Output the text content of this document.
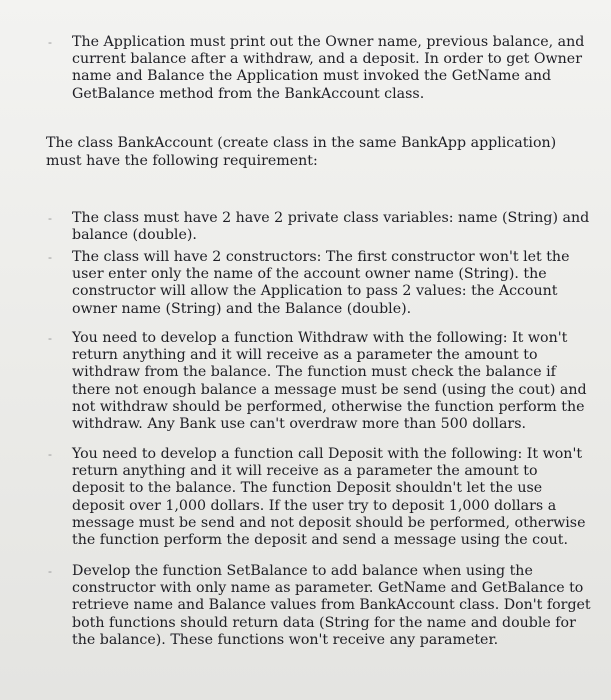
- The Application must print out the Owner name, previous balance, and current balance after a withdraw, and a deposit. In order to get Owner name and Balance the Application must invoked the GetName and GetBalance method from the BankAccount class.

The class BankAccount (create class in the same BankApp application) must have the following requirement:

- The class must have 2 have 2 private class variables: name (String) and balance (double).
- The class will have 2 constructors: The first constructor won't let the user enter only the name of the account owner name (String). the constructor will allow the Application to pass 2 values: the Account owner name (String) and the Balance (double).
- You need to develop a function Withdraw with the following: It won't return anything and it will receive as a parameter the amount to withdraw from the balance. The function must check the balance if there not enough balance a message must be send (using the cout) and not withdraw should be performed, otherwise the function perform the withdraw. Any Bank use can't overdraw more than 500 dollars.
- You need to develop a function call Deposit with the following: It won't return anything and it will receive as a parameter the amount to deposit to the balance. The function Deposit shouldn't let the use deposit over 1,000 dollars. If the user try to deposit 1,000 dollars a message must be send and not deposit should be performed, otherwise the function perform the deposit and send a message using the cout.
- Develop the function SetBalance to add balance when using the constructor with only name as parameter. GetName and GetBalance to retrieve name and Balance values from BankAccount class. Don't forget both functions should return data (String for the name and double for the balance). These functions won't receive any parameter.
